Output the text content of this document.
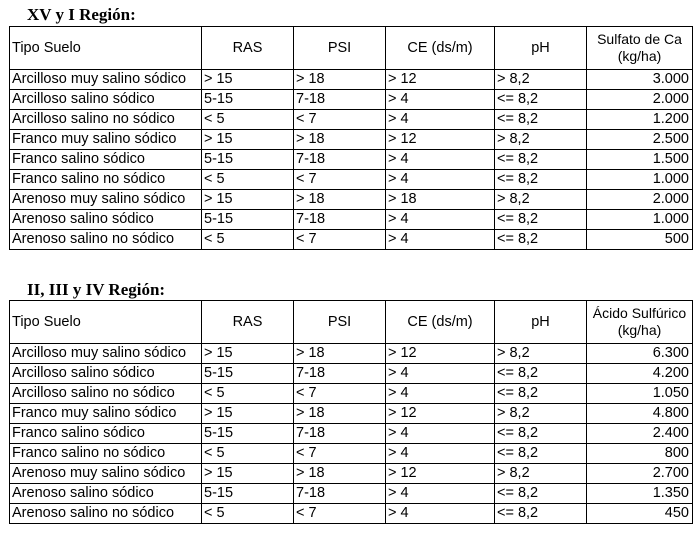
XV y I Región:
Tipo Suelo	RAS	PSI	CE (ds/m)	pH	Sulfato de Ca (kg/ha)
Arcilloso muy salino sódico	> 15	> 18	> 12	> 8,2	3.000
Arcilloso salino sódico	5-15	7-18	> 4	<= 8,2	2.000
Arcilloso salino no sódico	< 5	< 7	> 4	<= 8,2	1.200
Franco muy salino sódico	> 15	> 18	> 12	> 8,2	2.500
Franco salino sódico	5-15	7-18	> 4	<= 8,2	1.500
Franco salino no sódico	< 5	< 7	> 4	<= 8,2	1.000
Arenoso muy salino sódico	> 15	> 18	> 18	> 8,2	2.000
Arenoso salino sódico	5-15	7-18	> 4	<= 8,2	1.000
Arenoso salino no sódico	< 5	< 7	> 4	<= 8,2	500
II, III y IV Región:
Tipo Suelo	RAS	PSI	CE (ds/m)	pH	Ácido Sulfúrico (kg/ha)
Arcilloso muy salino sódico	> 15	> 18	> 12	> 8,2	6.300
Arcilloso salino sódico	5-15	7-18	> 4	<= 8,2	4.200
Arcilloso salino no sódico	< 5	< 7	> 4	<= 8,2	1.050
Franco muy salino sódico	> 15	> 18	> 12	> 8,2	4.800
Franco salino sódico	5-15	7-18	> 4	<= 8,2	2.400
Franco salino no sódico	< 5	< 7	> 4	<= 8,2	800
Arenoso muy salino sódico	> 15	> 18	> 12	> 8,2	2.700
Arenoso salino sódico	5-15	7-18	> 4	<= 8,2	1.350
Arenoso salino no sódico	< 5	< 7	> 4	<= 8,2	450
